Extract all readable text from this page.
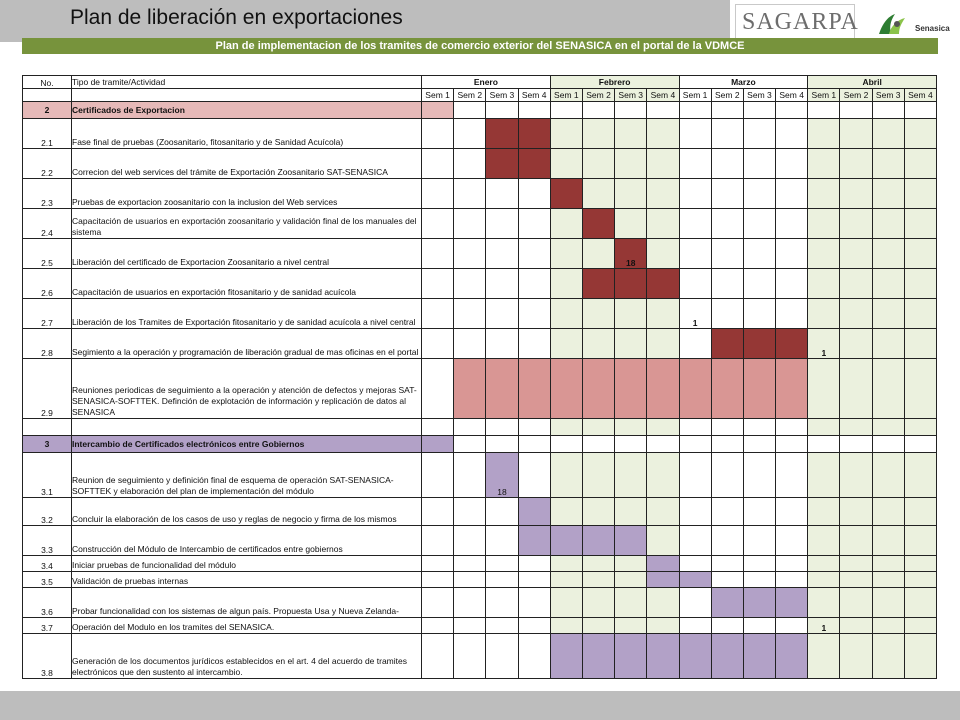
Plan de liberación en exportaciones	SAGARPA	Senasica
Plan de implementacion de los tramites de comercio exterior del SENASICA en el portal de la VDMCE
No.	Tipo de tramite/Actividad	Enero				Febrero				Marzo				Abril			
		Sem 1	Sem 2	Sem 3	Sem 4	Sem 1	Sem 2	Sem 3	Sem 4	Sem 1	Sem 2	Sem 3	Sem 4	Sem 1	Sem 2	Sem 3	Sem 4
2	Certificados de Exportacion																
2.1	Fase final de pruebas (Zoosanitario, fitosanitario y de Sanidad Acuícola)																
2.2	Correcion del web services del trámite de Exportación Zoosanitario SAT-SENASICA																
2.3	Pruebas de exportacion zoosanitario con la inclusion del Web services																
2.4	Capacitación de usuarios en exportación zoosanitario y validación final de los manuales del sistema																
2.5	Liberación del certificado de Exportacion Zoosanitario a nivel central							18									
2.6	Capacitación de usuarios en exportación fitosanitario y de sanidad acuícola																
2.7	Liberación de los Tramites de Exportación fitosanitario y de sanidad acuícola a nivel central									1							
2.8	Segimiento a la operación y programación de liberación gradual de mas oficinas en el portal													1			
2.9	Reuniones periodicas de seguimiento a la operación y atención de defectos y mejoras SAT-SENASICA-SOFTTEK. Definción de explotación de información y replicación de datos al SENASICA																

3	Intercambio de Certificados electrónicos entre Gobiernos																
3.1	Reunion de seguimiento y definición final de esquema de operación SAT-SENASICA-SOFTTEK y elaboración del plan de implementación del módulo			18													
3.2	Concluir la elaboración de los casos de uso y reglas de negocio y firma de los mismos																
3.3	Construcción del Módulo de Intercambio de certificados entre gobiernos																
3.4	Iniciar pruebas de funcionalidad del módulo																
3.5	Validación de pruebas internas																
3.6	Probar funcionalidad con los sistemas de algun país. Propuesta Usa y Nueva Zelanda-																
3.7	Operación del Modulo en los tramites del SENASICA.													1			
3.8	Generación de los documentos jurídicos establecidos en el art. 4 del acuerdo de tramites electrónicos que den sustento al intercambio.																
